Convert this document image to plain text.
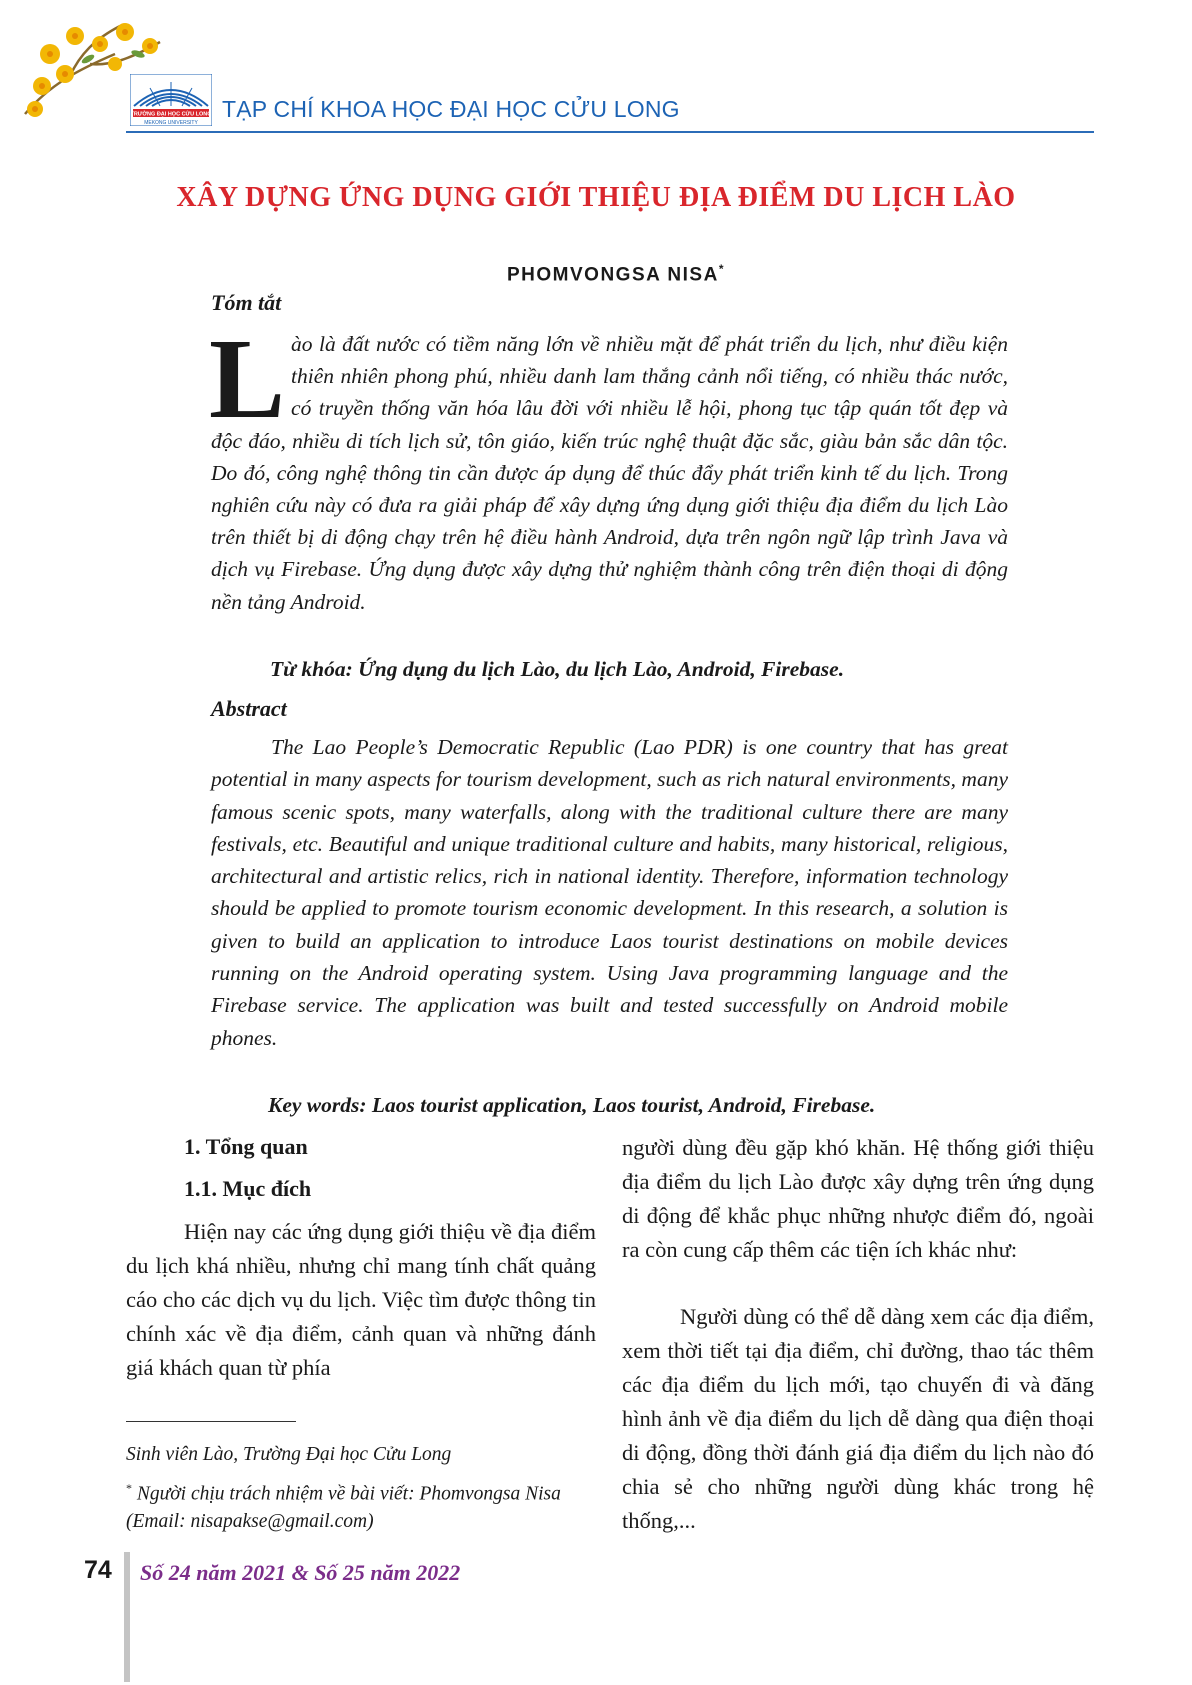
TRƯỜNG ĐẠI HỌC CỬU LONG
MEKONG UNIVERSITY
TẠP CHÍ KHOA HỌC ĐẠI HỌC CỬU LONG
XÂY DỰNG ỨNG DỤNG GIỚI THIỆU ĐỊA ĐIỂM DU LỊCH LÀO
PHOMVONGSA NISA*
Tóm tắt

Lào là đất nước có tiềm năng lớn về nhiều mặt để phát triển du lịch, như điều kiện thiên nhiên phong phú, nhiều danh lam thắng cảnh nổi tiếng, có nhiều thác nước, có truyền thống văn hóa lâu đời với nhiều lễ hội, phong tục tập quán tốt đẹp và độc đáo, nhiều di tích lịch sử, tôn giáo, kiến trúc nghệ thuật đặc sắc, giàu bản sắc dân tộc. Do đó, công nghệ thông tin cần được áp dụng để thúc đẩy phát triển kinh tế du lịch. Trong nghiên cứu này có đưa ra giải pháp để xây dựng ứng dụng giới thiệu địa điểm du lịch Lào trên thiết bị di động chạy trên hệ điều hành Android, dựa trên ngôn ngữ lập trình Java và dịch vụ Firebase. Ứng dụng được xây dựng thử nghiệm thành công trên điện thoại di động nền tảng Android.

Từ khóa: Ứng dụng du lịch Lào, du lịch Lào, Android, Firebase.
Abstract

The Lao People’s Democratic Republic (Lao PDR) is one country that has great potential in many aspects for tourism development, such as rich natural environments, many famous scenic spots, many waterfalls, along with the traditional culture there are many festivals, etc. Beautiful and unique traditional culture and habits, many historical, religious, architectural and artistic relics, rich in national identity. Therefore, information technology should be applied to promote tourism economic development. In this research, a solution is given to build an application to introduce Laos tourist destinations on mobile devices running on the Android operating system. Using Java programming language and the Firebase service. The application was built and tested successfully on Android mobile phones.

Key words: Laos tourist application, Laos tourist, Android, Firebase.
1. Tổng quan
1.1. Mục đích

Hiện nay các ứng dụng giới thiệu về địa điểm du lịch khá nhiều, nhưng chỉ mang tính chất quảng cáo cho các dịch vụ du lịch. Việc tìm được thông tin chính xác về địa điểm, cảnh quan và những đánh giá khách quan từ phía

Sinh viên Lào, Trường Đại học Cửu Long

* Người chịu trách nhiệm về bài viết: Phomvongsa Nisa (Email: nisapakse@gmail.com)

người dùng đều gặp khó khăn. Hệ thống giới thiệu địa điểm du lịch Lào được xây dựng trên ứng dụng di động để khắc phục những nhược điểm đó, ngoài ra còn cung cấp thêm các tiện ích khác như:

Người dùng có thể dễ dàng xem các địa điểm, xem thời tiết tại địa điểm, chỉ đường, thao tác thêm các địa điểm du lịch mới, tạo chuyến đi và đăng hình ảnh về địa điểm du lịch dễ dàng qua điện thoại di động, đồng thời đánh giá địa điểm du lịch nào đó chia sẻ cho những người dùng khác trong hệ thống,...

74 Số 24 năm 2021 & Số 25 năm 2022
